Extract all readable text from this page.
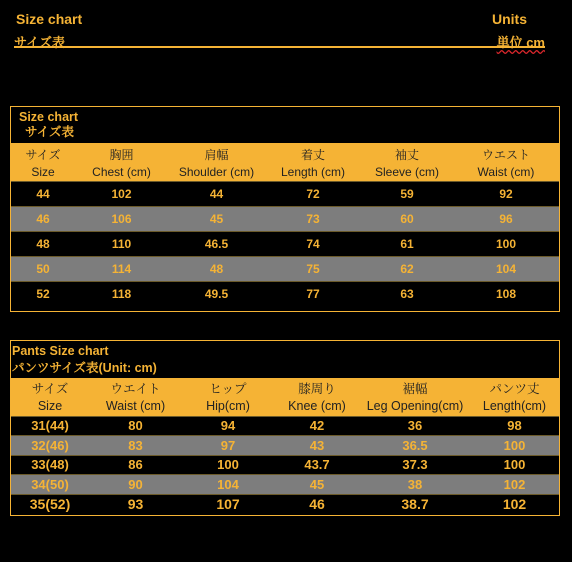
Size chart
サイズ表
Units
単位 cm
Size chart
サイズ表
サイズ	胸囲	肩幅	着丈	袖丈	ウエスト
Size	Chest (cm)	Shoulder (cm)	Length (cm)	Sleeve (cm)	Waist (cm)
44	102	44	72	59	92
46	106	45	73	60	96
48	110	46.5	74	61	100
50	114	48	75	62	104
52	118	49.5	77	63	108
Pants Size chart
パンツサイズ表(Unit: cm)
サイズ	ウエイト	ヒップ	膝周り	裾幅	パンツ丈
Size	Waist (cm)	Hip(cm)	Knee (cm)	Leg Opening(cm)	Length(cm)
31(44)	80	94	42	36	98
32(46)	83	97	43	36.5	100
33(48)	86	100	43.7	37.3	100
34(50)	90	104	45	38	102
35(52)	93	107	46	38.7	102
